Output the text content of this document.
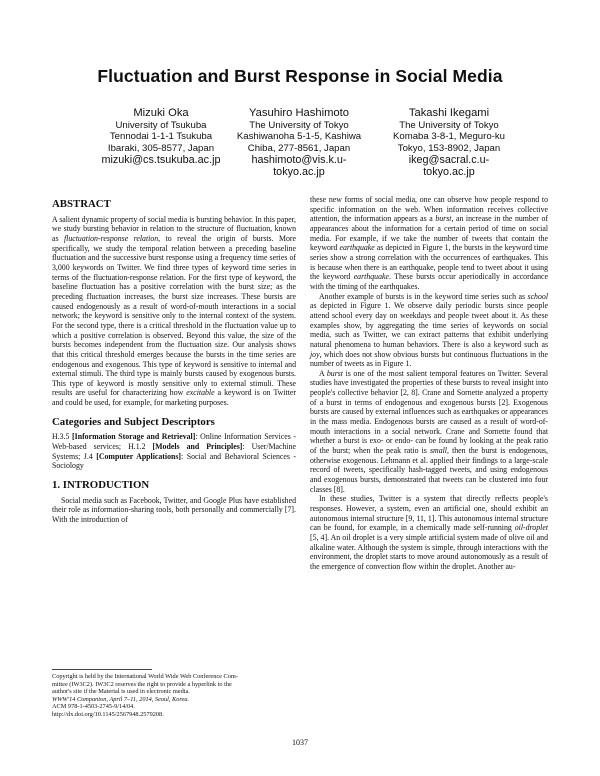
Fluctuation and Burst Response in Social Media
Mizuki Oka
University of Tsukuba
Tennodai 1-1-1 Tsukuba
Ibaraki, 305-8577, Japan
mizuki@cs.tsukuba.ac.jp
Yasuhiro Hashimoto
The University of Tokyo
Kashiwanoha 5-1-5, Kashiwa
Chiba, 277-8561, Japan
hashimoto@vis.k.u-
tokyo.ac.jp
Takashi Ikegami
The University of Tokyo
Komaba 3-8-1, Meguro-ku
Tokyo, 153-8902, Japan
ikeg@sacral.c.u-
tokyo.ac.jp
ABSTRACT

A salient dynamic property of social media is bursting behavior. In this paper, we study bursting behavior in relation to the structure of fluctuation, known as fluctuation-response relation, to reveal the origin of bursts. More specifically, we study the temporal relation between a preceding baseline fluctuation and the successive burst response using a frequency time series of 3,000 keywords on Twitter. We find three types of keyword time series in terms of the fluctuation-response relation. For the first type of keyword, the baseline fluctuation has a positive correlation with the burst size; as the preceding fluctuation increases, the burst size increases. These bursts are caused endogenously as a result of word-of-mouth interactions in a social network; the keyword is sensitive only to the internal context of the system. For the second type, there is a critical threshold in the fluctuation value up to which a positive correlation is observed. Beyond this value, the size of the bursts becomes independent from the fluctuation size. Our analysis shows that this critical threshold emerges because the bursts in the time series are endogenous and exogenous. This type of keyword is sensitive to internal and external stimuli. The third type is mainly bursts caused by exogenous bursts. This type of keyword is mostly sensitive only to external stimuli. These results are useful for characterizing how excitable a keyword is on Twitter and could be used, for example, for marketing purposes.

Categories and Subject Descriptors

H.3.5 [Information Storage and Retrieval]: Online Information Services - Web-based services; H.1.2 [Models and Principles]: User/Machine Systems; J.4 [Computer Applications]: Social and Behavioral Sciences - Sociology

1. INTRODUCTION

Social media such as Facebook, Twitter, and Google Plus have established their role as information-sharing tools, both personally and commercially [7]. With the introduction of

Copyright is held by the International World Wide Web Conference Com-
mittee (IW3C2). IW3C2 reserves the right to provide a hyperlink to the
author's site if the Material is used in electronic media.
WWW'14 Companion, April 7–11, 2014, Seoul, Korea.
ACM 978-1-4503-2745-9/14/04.
http://dx.doi.org/10.1145/2567948.2579208.

these new forms of social media, one can observe how people respond to specific information on the web. When information receives collective attention, the information appears as a burst, an increase in the number of appearances about the information for a certain period of time on social media. For example, if we take the number of tweets that contain the keyword earthquake as depicted in Figure 1, the bursts in the keyword time series show a strong correlation with the occurrences of earthquakes. This is because when there is an earthquake, people tend to tweet about it using the keyword earthquake. These bursts occur aperiodically in accordance with the timing of the earthquakes.

Another example of bursts is in the keyword time series such as school as depicted in Figure 1. We observe daily periodic bursts since people attend school every day on weekdays and people tweet about it. As these examples show, by aggregating the time series of keywords on social media, such as Twitter, we can extract patterns that exhibit underlying natural phenomena to human behaviors. There is also a keyword such as joy, which does not show obvious bursts but continuous fluctuations in the number of tweets as in Figure 1.

A burst is one of the most salient temporal features on Twitter. Several studies have investigated the properties of these bursts to reveal insight into people's collective behavior [2, 8]. Crane and Sornette analyzed a property of a burst in terms of endogenous and exogenous bursts [2]. Exogenous bursts are caused by external influences such as earthquakes or appearances in the mass media. Endogenous bursts are caused as a result of word-of-mouth interactions in a social network. Crane and Sornette found that whether a burst is exo- or endo- can be found by looking at the peak ratio of the burst; when the peak ratio is small, then the burst is endogenous, otherwise exogenous. Lehmann et al. applied their findings to a large-scale record of tweets, specifically hash-tagged tweets, and using endogenous and exogenous bursts, demonstrated that tweets can be clustered into four classes [8].

In these studies, Twitter is a system that directly reflects people's responses. However, a system, even an artificial one, should exhibit an autonomous internal structure [9, 11, 1]. This autonomous internal structure can be found, for example, in a chemically made self-running oil-droplet [5, 4]. An oil droplet is a very simple artificial system made of olive oil and alkaline water. Although the system is simple, through interactions with the environment, the droplet starts to move around autonomously as a result of the emergence of convection flow within the droplet. Another au-

1037
